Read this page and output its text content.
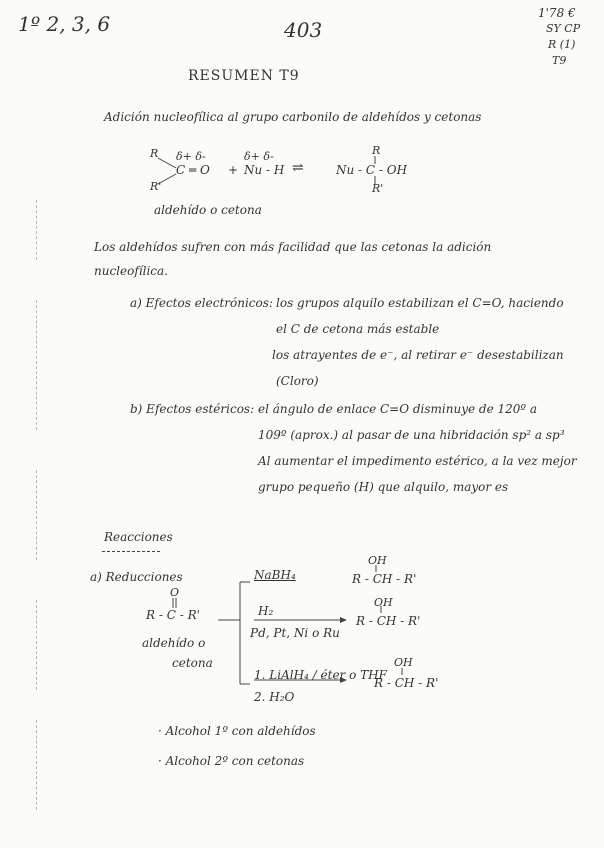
1º 2, 3, 6	403
1'78 €
SY CP
R (1)
T9
RESUMEN T9
Adición nucleofílica al grupo carbonilo de aldehídos y cetonas
R δ+ δ-
C ═ O
R'
+
δ+ δ-
Nu - H ⇌
R
Nu - C - OH
R'
aldehído o cetona
Los aldehídos sufren con más facilidad que las cetonas la adición
nucleofílica.
a) Efectos electrónicos: los grupos alquilo estabilizan el C=O, haciendo
el C de cetona más estable
los atrayentes de e⁻, al retirar e⁻ desestabilizan
(Cloro)
b) Efectos estéricos: el ángulo de enlace C=O disminuye de 120º a
109º (aprox.) al pasar de una hibridación sp² a sp³
Al aumentar el impedimento estérico, a la vez mejor
grupo pequeño (H) que alquilo, mayor es
Reacciones
a) Reducciones
O
R - C - R'
aldehído o
cetona
NaBH₄
OH
R - CH - R'
H₂
Pd, Pt, Ni o Ru
OH
R - CH - R'
1. LiAlH₄ / éter o THF
2. H₂O
OH
R - CH - R'
· Alcohol 1º con aldehídos
· Alcohol 2º con cetonas
